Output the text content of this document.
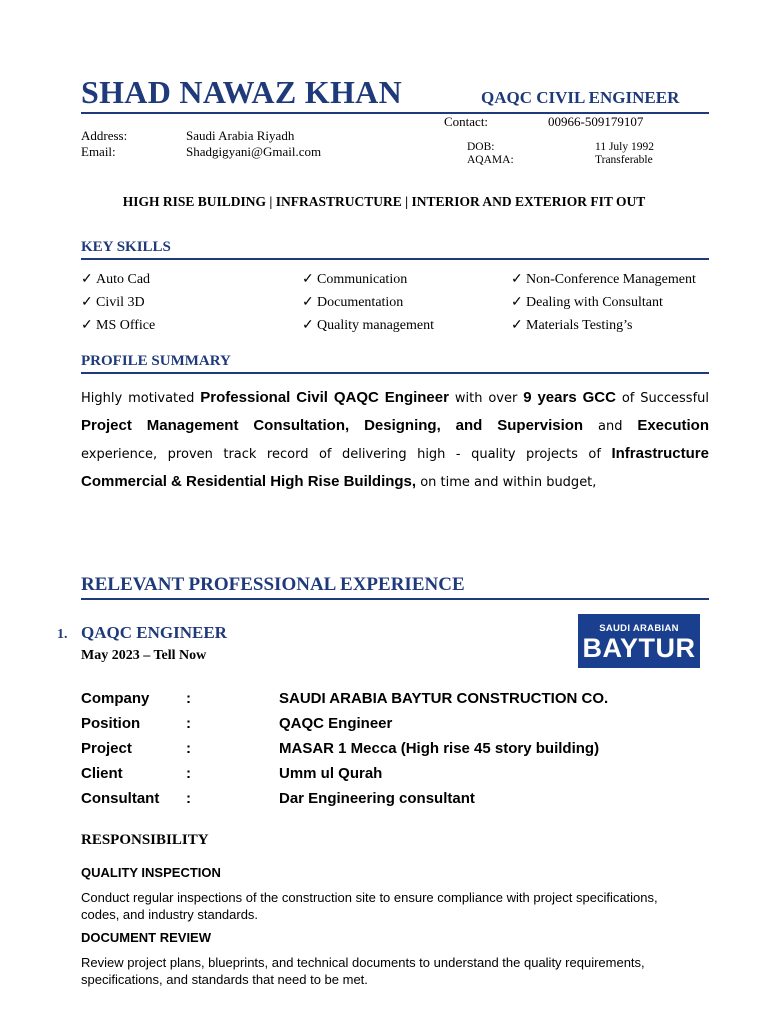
SHAD NAWAZ KHAN	QAQC CIVIL ENGINEER
Contact:	00966-509179107
Address:	Saudi Arabia Riyadh
Email:	Shadgigyani@Gmail.com	DOB:	11 July 1992
AQAMA:	Transferable
HIGH RISE BUILDING | INFRASTRUCTURE | INTERIOR AND EXTERIOR FIT OUT
KEY SKILLS
✓ Auto Cad
✓ Civil 3D
✓ MS Office
✓ Communication
✓ Documentation
✓ Quality management
✓ Non-Conference Management
✓ Dealing with Consultant
✓ Materials Testing’s
PROFILE SUMMARY
Highly motivated Professional Civil QAQC Engineer with over 9 years GCC of Successful Project Management Consultation, Designing, and Supervision and Execution experience, proven track record of delivering high - quality projects of Infrastructure Commercial & Residential High Rise Buildings, on time and within budget,
RELEVANT PROFESSIONAL EXPERIENCE
1. QAQC ENGINEER
May 2023 – Tell Now
SAUDI ARABIAN
BAYTUR
Company :	SAUDI ARABIA BAYTUR CONSTRUCTION CO.
Position	:	QAQC Engineer
Project	:	MASAR 1 Mecca (High rise 45 story building)
Client	:	Umm ul Qurah
Consultant :	Dar Engineering consultant
RESPONSIBILITY
QUALITY INSPECTION
Conduct regular inspections of the construction site to ensure compliance with project specifications, codes, and industry standards.
DOCUMENT REVIEW
Review project plans, blueprints, and technical documents to understand the quality requirements, specifications, and standards that need to be met.
